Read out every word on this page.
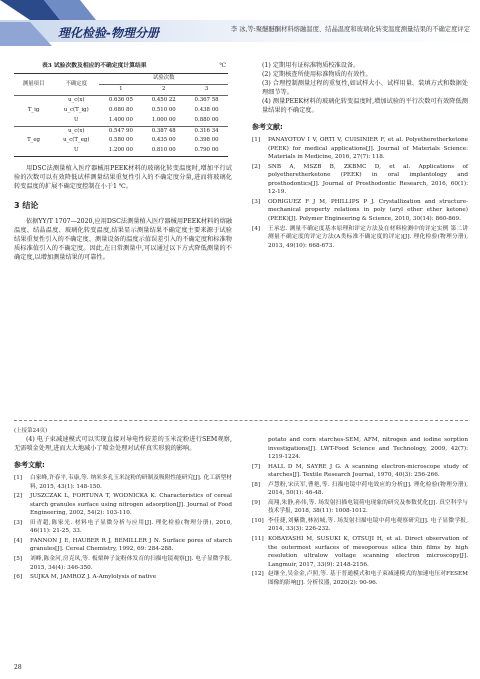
理化检验-物理分册	李 冰,等:聚醚醚酮材料熔融温度、结晶温度和玻璃化转变温度测量结果的不确定度评定
表3 试验次数及相应的不确定度计算结果	℃
测量项目	不确定度	试验次数		
		1	2	3
T_ig	u_c(x)	0.636 05	0.450 22	0.367 58
	u_c(T_ig)	0.680 80	0.510 00	0.438 00
	U	1.400 00	1.000 00	0.880 00
T_eg	u_c(x)	0.547 90	0.387 48	0.316 34
	u_c(T_eg)	0.580 00	0.435 00	0.398 00
	U	1.200 00	0.810 00	0.790 00

用DSC法测量植入医疗器械用PEEK材料的玻璃化转变温度时,增加平行试验的次数可以有效降低试样测量结果重复性引入的不确定度分量,进而将玻璃化转变温度的扩展不确定度控制在小于1 ℃。

3 结论

依据YY/T 1707—2020,应用DSC法测量植入医疗器械用PEEK材料的熔融温度、结晶温度、玻璃化转变温度,结果显示测量结果不确定度主要来源于试验结果重复性引入的不确定度、测量设备的温度示值误差引入的不确定度和标准物质标准值引入的不确定度。因此,在日常测量中,可以通过以下方式降低测量的不确定度,以增加测量结果的可靠性。

(1) 定期用有证标准物质校准设备。

(2) 定期核查所使用标准物质的有效性。

(3) 合理控制测量过程的重复性,如试样大小、试样用量、装填方式和数据处理细节等。

(4) 测量PEEK材料的玻璃化转变温度时,增加试验的平行次数可有效降低测量结果的不确定度。

参考文献:
[1]	PANAYOTOV I V, ORTI V, CUISINIER F, et al. Polyetheretherketone (PEEK) for medical applications[J]. Journal of Materials Science: Materials in Medicine, 2016, 27(7): 118.
[2]	SNB A, MSZB B, ZKBMC D, et al. Applications of polyetheretherketone (PEEK) in oral implantology and prosthodontics[J]. Journal of Prosthodontic Research, 2016, 60(1): 12-19.
[3]	ODRIGUEZ F J M, PHILLIPS P J. Crystallization and structure-mechanical property relations in poly (aryl ether ether ketone) (PEEK)[J]. Polymer Engineering & Science, 2010, 30(14): 860-869.
[4]	王承忠. 测量不确定度基本原理和评定方法及在材料检测中的评定实例 第二讲 测量不确定度的评定方法(A类标准不确定度的评定)[J]. 理化检验(物理分册), 2013, 49(10): 668-673.
(上接第24页)

(4) 电子束减速模式可以实现直接对导电性较差的玉米淀粉进行SEM观察,无需喷金处理,进而大大地减小了喷金处理对试样真实形貌的影响。

参考文献:
[1]	白家峰,许春平,韦康,等. 纳米多孔玉米淀粉的研制及吸附性能研究[J]. 化工新型材料, 2015, 43(1): 148-150.
[2]	JUSZCZAK L, FORTUNA T, WODNICKA K. Characteristics of cereal starch granules surface using nitrogen adsorption[J]. Journal of Food Engineering, 2002, 54(2): 103-110.
[3]	田青超,陈家光. 材料电子显微分析与应用[J]. 理化检验(物理分册), 2010, 46(11): 21-25, 33.
[4]	FANNON J E, HAUBER R J, BEMILLER J N. Surface pores of starch granules[J]. Cereal Chemistry, 1992, 69: 284-288.
[5]	刘峰,陈金河,房克凤,等. 板栗种子淀粉体发育的扫描电镜观察[J]. 电子显微学报, 2015, 34(4): 346-350.
[6]	SUJKA M, JAMROZ J. A-Amylolysis of native
potato and corn starches-SEM, AFM, nitrogen and iodine sorption investigations[J]. LWT-Food Science and Technology, 2009, 42(7): 1219-1224.
[7]	HALL D M, SAYRE J G. A scanning electron-microscope study of starches[J]. Textile Research Journal, 1970, 40(3): 256-266.
[8]	卢慧粉,宋庆军,曹艳,等. 扫描电镜中荷电效应的分析[J]. 理化检验(物理分册), 2014, 50(1): 46-48.
[9]	高翔,朱静,孙伟,等. 场发射扫描电镜荷电现象的研究及参数优化[J]. 真空科学与技术学报, 2018, 38(11): 1008-1012.
[10] 李佳捷,刘紫微,林初城,等. 场发射扫描电镜中荷电观察研究[J]. 电子显微学报, 2014, 33(3): 226-232.
[11] KOBAYASHI M, SUSUKI K, OTSUJI H, et al. Direct observation of the outermost surfaces of mesoporous silica thin films by high resolution ultralow voltage scanning electron microscopy[J]. Langmuir, 2017, 33(9): 2148-2156.
[12] 赵继全,吴金金,卢照,等. 基于普通模式和电子束减速模式的加速电压对FESEM图像的影响[J]. 分析仪器, 2020(2): 90-96.
28
